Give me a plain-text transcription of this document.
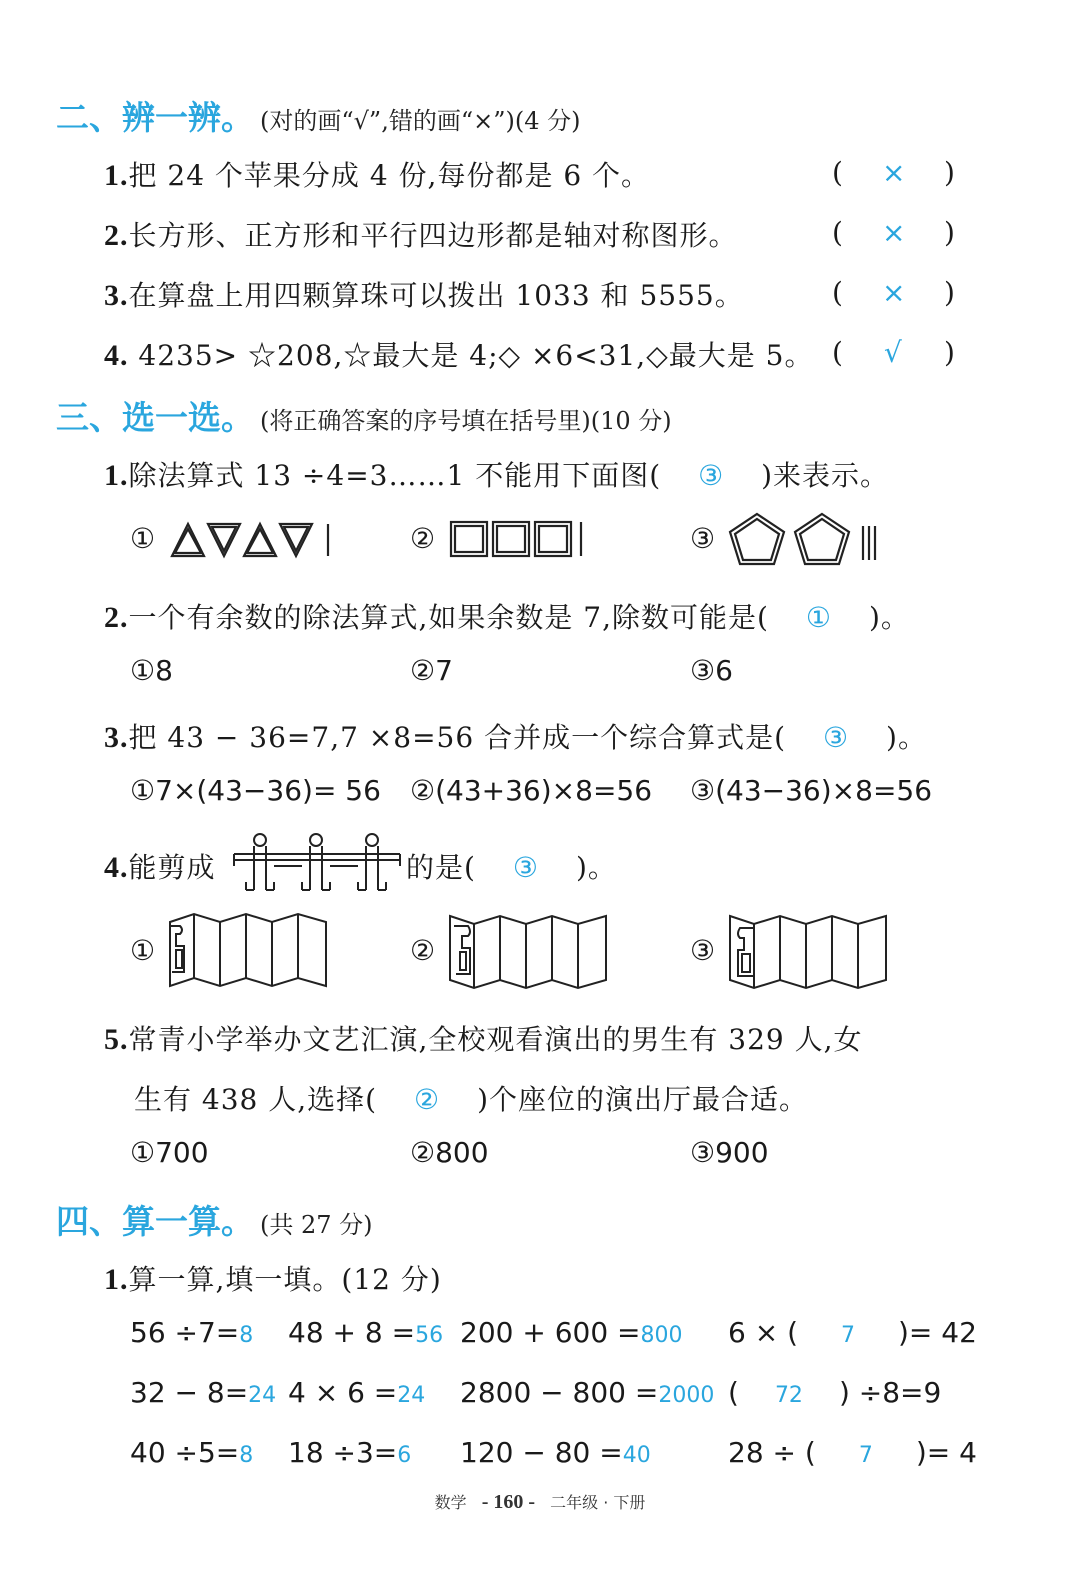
二、辨一辨。 (对的画“√”,错的画“×”)(4 分)
1.把 24 个苹果分成 4 份,每份都是 6 个。	( × )
2.长方形、正方形和平行四边形都是轴对称图形。	( × )
3.在算盘上用四颗算珠可以拨出 1033 和 5555。	( × )
4. 4235> ☆208,☆最大是 4;◇ ×6<31,◇最大是 5。 ( √ )
三、选一选。 (将正确答案的序号填在括号里)(10 分)
1.除法算式 13 ÷4=3……1 不能用下面图( ③ )来表示。
①	②	③
2.一个有余数的除法算式,如果余数是 7,除数可能是( ① )。
①8	②7	③6
3.把 43 − 36=7,7 ×8=56 合并成一个综合算式是( ③ )。
①7×(43−36)= 56 ②(43+36)×8=56 ③(43−36)×8=56
4.能剪成	的是( ③ )。
①	②	③
5.常青小学举办文艺汇演,全校观看演出的男生有 329 人,女
生有 438 人,选择( ② )个座位的演出厅最合适。
①700	②800	③900
四、算一算。 (共 27 分)
1.算一算,填一填。(12 分)
56 ÷7=8 48 + 8 =56 200 + 600 =800 6 × ( 7 )= 42
32 − 8=24 4 × 6 =24 2800 − 800 =2000 ( 72 ) ÷8=9
40 ÷5=8 18 ÷3=6 120 − 80 =40	28 ÷ ( 7 )= 4
数学 - 160 - 二年级 · 下册
